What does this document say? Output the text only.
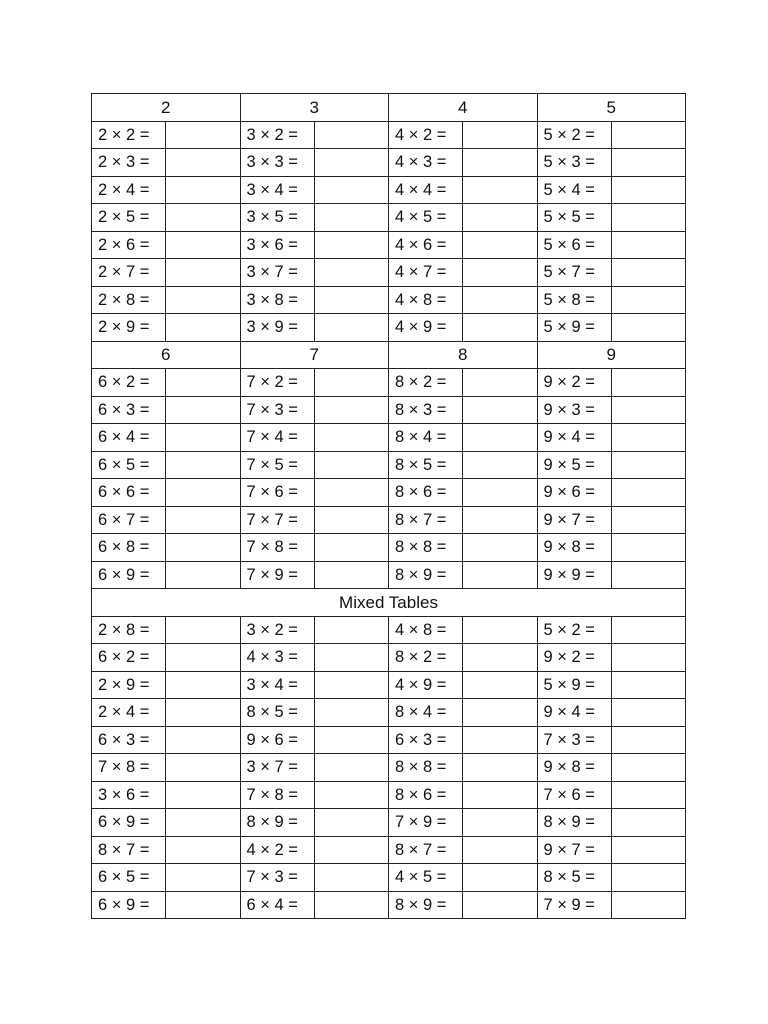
2		3		4		5	
2 × 2 =		3 × 2 =		4 × 2 =		5 × 2 =	
2 × 3 =		3 × 3 =		4 × 3 =		5 × 3 =	
2 × 4 =		3 × 4 =		4 × 4 =		5 × 4 =	
2 × 5 =		3 × 5 =		4 × 5 =		5 × 5 =	
2 × 6 =		3 × 6 =		4 × 6 =		5 × 6 =	
2 × 7 =		3 × 7 =		4 × 7 =		5 × 7 =	
2 × 8 =		3 × 8 =		4 × 8 =		5 × 8 =	
2 × 9 =		3 × 9 =		4 × 9 =		5 × 9 =	
6		7		8		9	
6 × 2 =		7 × 2 =		8 × 2 =		9 × 2 =	
6 × 3 =		7 × 3 =		8 × 3 =		9 × 3 =	
6 × 4 =		7 × 4 =		8 × 4 =		9 × 4 =	
6 × 5 =		7 × 5 =		8 × 5 =		9 × 5 =	
6 × 6 =		7 × 6 =		8 × 6 =		9 × 6 =	
6 × 7 =		7 × 7 =		8 × 7 =		9 × 7 =	
6 × 8 =		7 × 8 =		8 × 8 =		9 × 8 =	
6 × 9 =		7 × 9 =		8 × 9 =		9 × 9 =	
Mixed Tables							
2 × 8 =		3 × 2 =		4 × 8 =		5 × 2 =	
6 × 2 =		4 × 3 =		8 × 2 =		9 × 2 =	
2 × 9 =		3 × 4 =		4 × 9 =		5 × 9 =	
2 × 4 =		8 × 5 =		8 × 4 =		9 × 4 =	
6 × 3 =		9 × 6 =		6 × 3 =		7 × 3 =	
7 × 8 =		3 × 7 =		8 × 8 =		9 × 8 =	
3 × 6 =		7 × 8 =		8 × 6 =		7 × 6 =	
6 × 9 =		8 × 9 =		7 × 9 =		8 × 9 =	
8 × 7 =		4 × 2 =		8 × 7 =		9 × 7 =	
6 × 5 =		7 × 3 =		4 × 5 =		8 × 5 =	
6 × 9 =		6 × 4 =		8 × 9 =		7 × 9 =	
